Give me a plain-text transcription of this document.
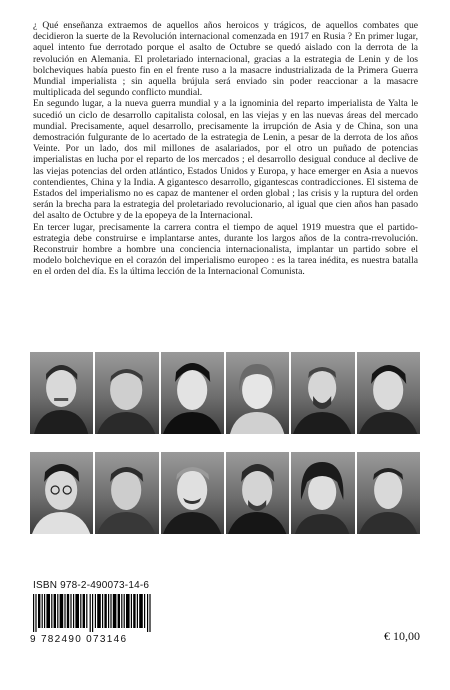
¿ Qué enseñanza extraemos de aquellos años heroicos y trágicos, de aquellos combates que decidieron la suerte de la Revolución internacional comenzada en 1917 en Rusia ? En primer lugar, aquel intento fue derrotado porque el asalto de Octubre se quedó aislado con la derrota de la revolución en Alemania. El proletariado internacional, gracias a la estrategia de Lenin y de los bolcheviques había puesto fin en el frente ruso a la masacre industrializada de la Primera Guerra Mundial imperialista ; sin aquella brújula será enviado sin poder reaccionar a la masacre multiplicada del segundo conflicto mundial.

En segundo lugar, a la nueva guerra mundial y a la ignominia del reparto imperialista de Yalta le sucedió un ciclo de desarrollo capitalista colosal, en las viejas y en las nuevas áreas del mercado mundial. Precisamente, aquel desarrollo, precisamente la irrupción de Asia y de China, son una demostración fulgurante de lo acertado de la estrategia de Lenin, a pesar de la derrota de los años Veinte. Por un lado, dos mil millones de asalariados, por el otro un puñado de potencias imperialistas en lucha por el reparto de los mercados ; el desarrollo desigual conduce al declive de las viejas potencias del orden atlántico, Estados Unidos y Europa, y hace emerger en Asia a nuevos contendientes, China y la India. A gigantesco desarrollo, gigantescas contradicciones. El sistema de Estados del imperialismo no es capaz de mantener el orden global ; las crisis y la ruptura del orden serán la brecha para la estrategia del proletariado revolucionario, al igual que cien años han pasado del asalto de Octubre y de la epopeya de la Internacional.

En tercer lugar, precisamente la carrera contra el tiempo de aquel 1919 muestra que el partido-estrategia debe construirse e implantarse antes, durante los largos años de la contra-rrevolución. Reconstruir hombre a hombre una conciencia internacionalista, implantar un partido sobre el modelo bolchevique en el corazón del imperialismo europeo : es la tarea inédita, es nuestra batalla en el orden del día. Es la última lección de la Internacional Comunista.

ISBN 978-2-490073-14-6
9 782490 073146	€ 10,00
